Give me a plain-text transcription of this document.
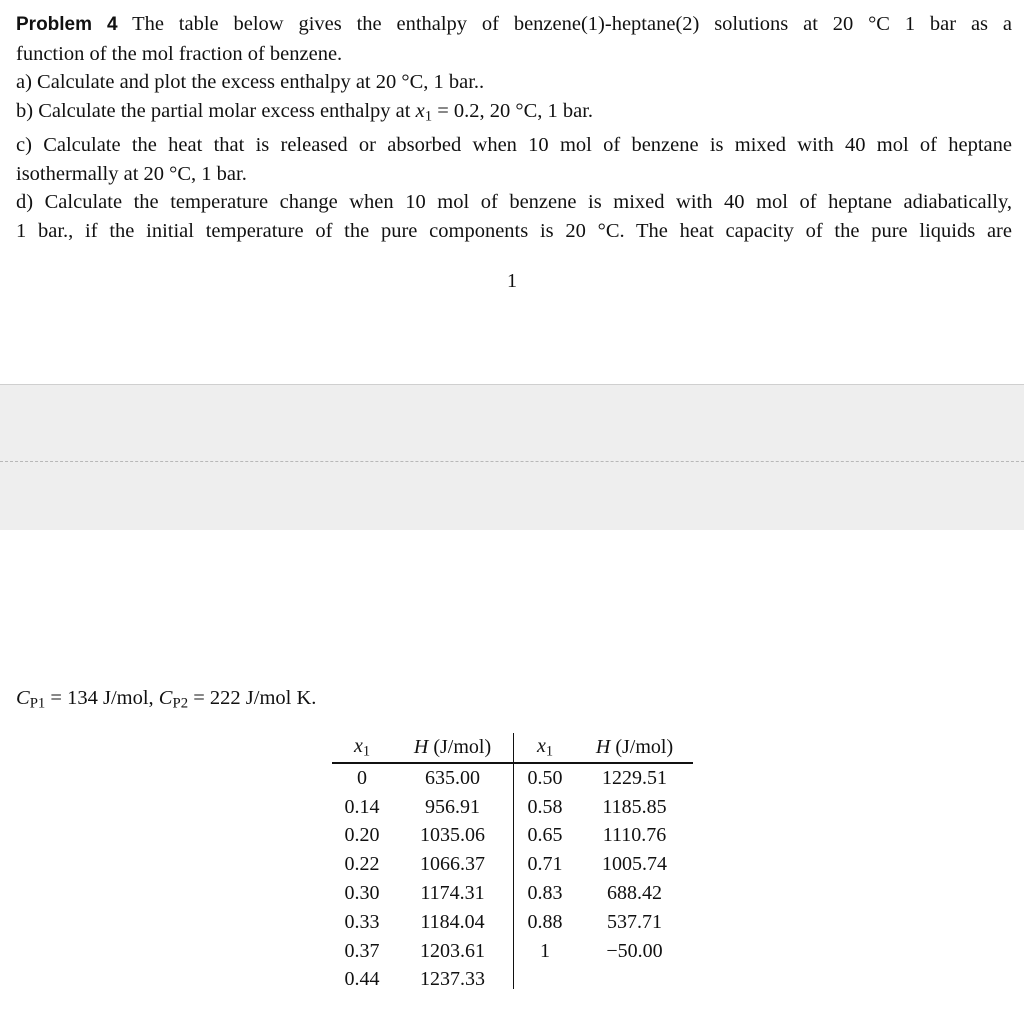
Problem 4 The table below gives the enthalpy of benzene(1)-heptane(2) solutions at 20 °C 1 bar as a
function of the mol fraction of benzene.
a) Calculate and plot the excess enthalpy at 20 °C, 1 bar..
b) Calculate the partial molar excess enthalpy at $x_1 = 0.2$, 20 °C, 1 bar.
c) Calculate the heat that is released or absorbed when 10 mol of benzene is mixed with 40 mol of heptane
isothermally at 20 °C, 1 bar.
d) Calculate the temperature change when 10 mol of benzene is mixed with 40 mol of heptane adiabatically,
1 bar., if the initial temperature of the pure components is 20 °C. The heat capacity of the pure liquids are
1
$C_{P1} = 134$ J/mol, $C_{P2} = 222$ J/mol K.
$x_1$	H (J/mol)	$x_1$	H (J/mol)
0	635.00	0.50	1229.51
0.14	956.91	0.58	1185.85
0.20	1035.06	0.65	1110.76
0.22	1066.37	0.71	1005.74
0.30	1174.31	0.83	688.42
0.33	1184.04	0.88	537.71
0.37	1203.61	1	−50.00
0.44	1237.33		
